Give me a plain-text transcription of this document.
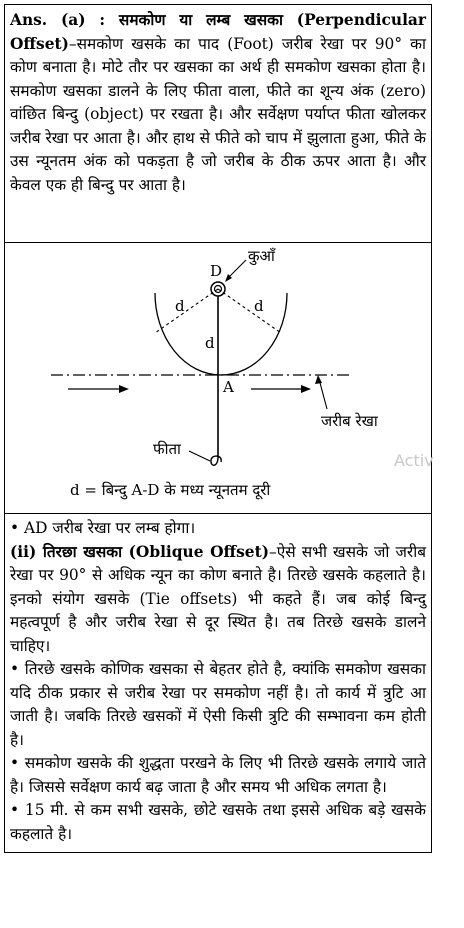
Ans. (a) : समकोण या लम्ब खसका (Perpendicular Offset)–समकोण खसके का पाद (Foot) जरीब रेखा पर 90° का कोण बनाता है। मोटे तौर पर खसका का अर्थ ही समकोण खसका होता है। समकोण खसका डालने के लिए फीता वाला, फीते का शून्य अंक (zero) वांछित बिन्दु (object) पर रखता है। और सर्वेक्षण पर्याप्त फीता खोलकर जरीब रेखा पर आता है। और हाथ से फीते को चाप में झुलाता हुआ, फीते के उस न्यूनतम अंक को पकड़ता है जो जरीब के ठीक ऊपर आता है। और केवल एक ही बिन्दु पर आता है।

D
कुआँ
d	d
d
A
जरीब रेखा
फीता
d = बिन्दु A-D के मध्य न्यूनतम दूरी

• AD जरीब रेखा पर लम्ब होगा।

(ii) तिरछा खसका (Oblique Offset)–ऐसे सभी खसके जो जरीब रेखा पर 90° से अधिक न्यून का कोण बनाते है। तिरछे खसके कहलाते है। इनको संयोग खसके (Tie offsets) भी कहते हैं। जब कोई बिन्दु महत्वपूर्ण है और जरीब रेखा से दूर स्थित है। तब तिरछे खसके डालने चाहिए।

• तिरछे खसके कोणिक खसका से बेहतर होते है, क्यांकि समकोण खसका यदि ठीक प्रकार से जरीब रेखा पर समकोण नहीं है। तो कार्य में त्रुटि आ जाती है। जबकि तिरछे खसकों में ऐसी किसी त्रुटि की सम्भावना कम होती है।

• समकोण खसके की शुद्धता परखने के लिए भी तिरछे खसके लगाये जाते है। जिससे सर्वेक्षण कार्य बढ़ जाता है और समय भी अधिक लगता है।

• 15 मी. से कम सभी खसके, छोटे खसके तथा इससे अधिक बड़े खसके कहलाते है।

Activ
